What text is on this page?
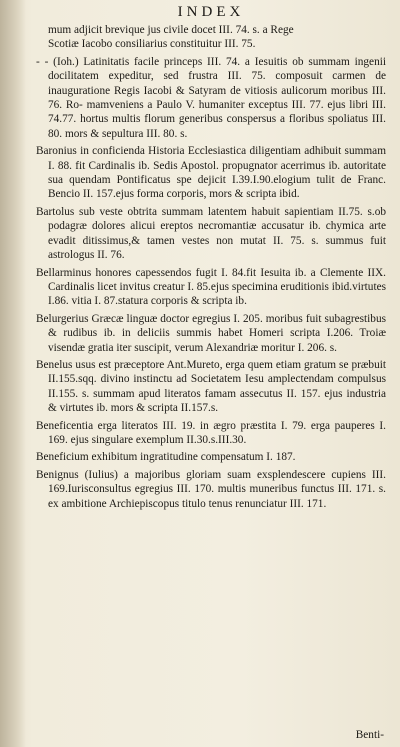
INDEX

mum adjicit brevique jus civile docet III. 74. s. a Rege
Scotiæ Iacobo consiliarius constituitur III. 75.

- - (Ioh.) Latinitatis facile princeps III. 74. a Iesuitis ob summam ingenii docilitatem expeditur, sed frustra III. 75. composuit carmen de inauguratione Regis Iacobi & Satyram de vitiosis aulicorum moribus III. 76. Ro- mamveniens a Paulo V. humaniter exceptus III. 77. ejus libri III. 74.77. hortus multis florum generibus conspersus a floribus spoliatus III. 80. mors & sepultura III. 80. s.

Baronius in conficienda Historia Ecclesiastica diligentiam adhibuit summam I. 88. fit Cardinalis ib. Sedis Apostol. propugnator acerrimus ib. autoritate sua quendam Pontificatus spe dejicit I.39.I.90.elogium tulit de Franc. Bencio II. 157.ejus forma corporis, mors & scripta ibid.

Bartolus sub veste obtrita summam latentem habuit sapientiam II.75. s.ob podagræ dolores alicui ereptos necromantiæ accusatur ib. chymica arte evadit ditissimus,& tamen vestes non mutat II. 75. s. summus fuit astrologus II. 76.

Bellarminus honores capessendos fugit I. 84.fit Iesuita ib. a Clemente IIX. Cardinalis licet invitus creatur I. 85.ejus specimina eruditionis ibid.virtutes I.86. vitia I. 87.statura corporis & scripta ib.

Belurgerius Græcæ linguæ doctor egregius I. 205. moribus fuit subagrestibus & rudibus ib. in deliciis summis habet Homeri scripta I.206. Troiæ visendæ gratia iter suscipit, verum Alexandriæ moritur I. 206. s.

Benelus usus est præceptore Ant.Mureto, erga quem etiam gratum se præbuit II.155.sqq. divino instinctu ad Societatem Iesu amplectendam compulsus II.155. s. summam apud literatos famam assecutus II. 157. ejus industria & virtutes ib. mors & scripta II.157.s.

Beneficentia erga literatos III. 19. in ægro præstita I. 79. erga pauperes I. 169. ejus singulare exemplum II.30.s.III.30.

Beneficium exhibitum ingratitudine compensatum I. 187.

Benignus (Iulius) a majoribus gloriam suam exsplendescere cupiens III. 169.Iurisconsultus egregius III. 170. multis muneribus functus III. 171. s. ex ambitione Archiepiscopus titulo tenus renunciatur III. 171.

Benti-
